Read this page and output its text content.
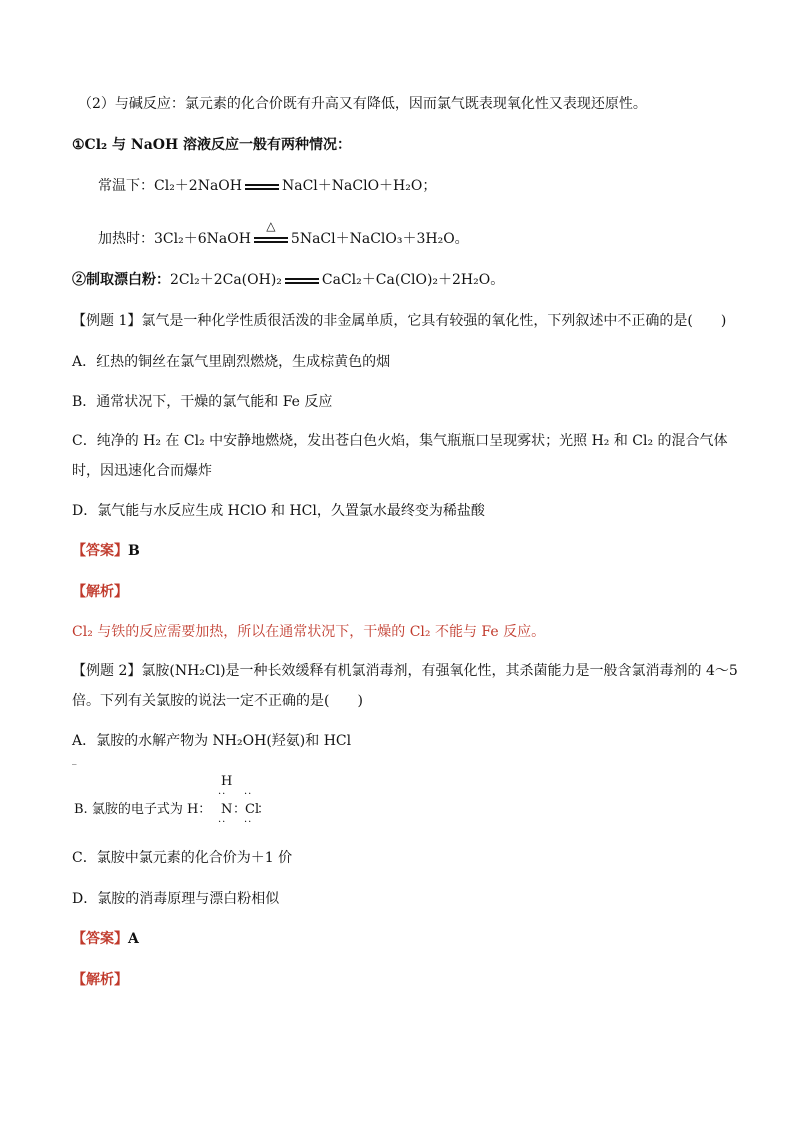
（2）与碱反应：氯元素的化合价既有升高又有降低，因而氯气既表现氧化性又表现还原性。
①Cl₂ 与 NaOH 溶液反应一般有两种情况：
常温下：Cl₂＋2NaOH	NaCl＋NaClO＋H₂O；
加热时：3Cl₂＋6NaOH
△
5NaCl＋NaClO₃＋3H₂O。
②制取漂白粉：2Cl₂＋2Ca(OH)₂	CaCl₂＋Ca(ClO)₂＋2H₂O。
【例题 1】氯气是一种化学性质很活泼的非金属单质，它具有较强的氧化性，下列叙述中不正确的是(　　)
A．红热的铜丝在氯气里剧烈燃烧，生成棕黄色的烟
B．通常状况下，干燥的氯气能和 Fe 反应
C．纯净的 H₂ 在 Cl₂ 中安静地燃烧，发出苍白色火焰，集气瓶瓶口呈现雾状；光照 H₂ 和 Cl₂ 的混合气体时，因迅速化合而爆炸
D．氯气能与水反应生成 HClO 和 HCl，久置氯水最终变为稀盐酸
【答案】B
【解析】
Cl₂ 与铁的反应需要加热，所以在通常状况下，干燥的 Cl₂ 不能与 Fe 反应。
【例题 2】氯胺(NH₂Cl)是一种长效缓释有机氯消毒剂，有强氧化性，其杀菌能力是一般含氯消毒剂的 4～5 倍。下列有关氯胺的说法一定不正确的是(　　)
A．氯胺的水解产物为 NH₂OH(羟氨)和 HCl
‾
H
·· ··
B. 氯胺的电子式为 H： N ：
Cl
：
·· ··
C．氯胺中氯元素的化合价为＋1 价
D．氯胺的消毒原理与漂白粉相似
【答案】A
【解析】
